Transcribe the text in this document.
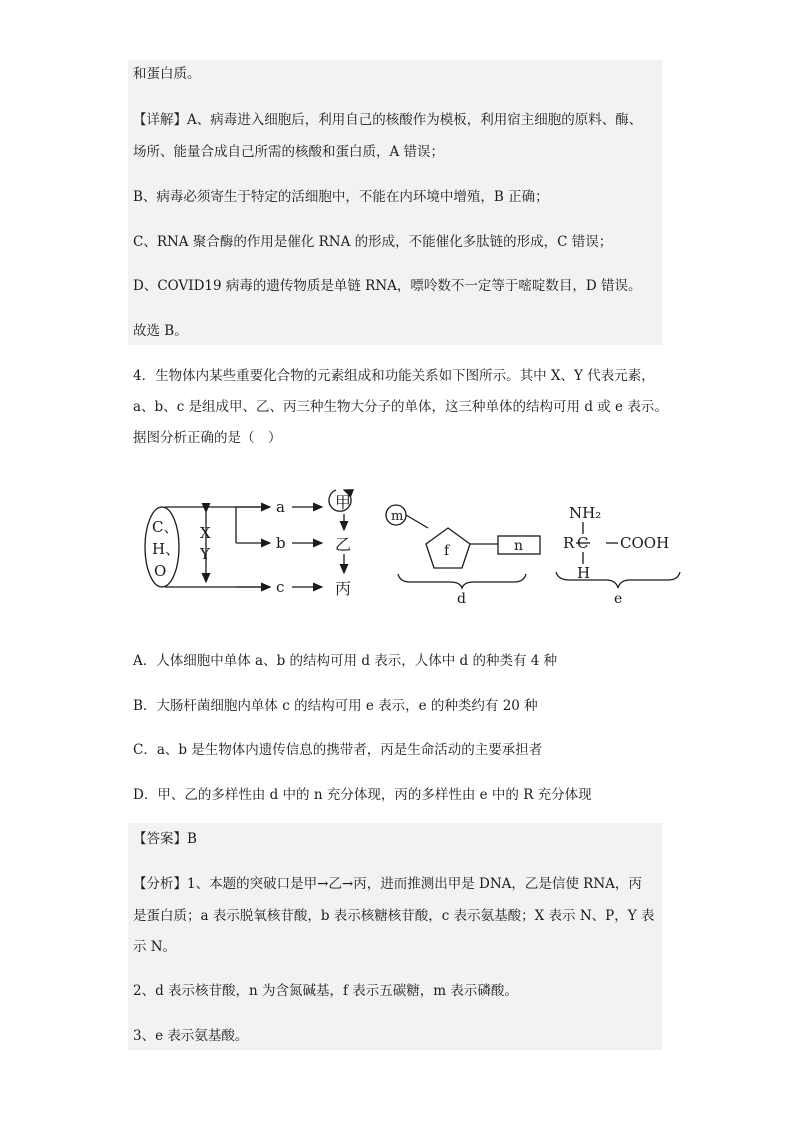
和蛋白质。
【详解】A、病毒进入细胞后，利用自己的核酸作为模板，利用宿主细胞的原料、酶、
场所、能量合成自己所需的核酸和蛋白质，A 错误；
B、病毒必须寄生于特定的活细胞中，不能在内环境中增殖，B 正确；
C、RNA 聚合酶的作用是催化 RNA 的形成，不能催化多肽链的形成，C 错误；
D、COVID19 病毒的遗传物质是单链 RNA，嘌呤数不一定等于嘧啶数目，D 错误。
故选 B。
4．生物体内某些重要化合物的元素组成和功能关系如下图所示。其中 X、Y 代表元素，
a、b、c 是组成甲、乙、丙三种生物大分子的单体，这三种单体的结构可用 d 或 e 表示。
据图分析正确的是（　）
C、
H、
O
X
Y
a
b
c
甲
乙
丙
m
f	n
d
NH₂
R C COOH
H
e
A．人体细胞中单体 a、b 的结构可用 d 表示，人体中 d 的种类有 4 种
B．大肠杆菌细胞内单体 c 的结构可用 e 表示，e 的种类约有 20 种
C．a、b 是生物体内遗传信息的携带者，丙是生命活动的主要承担者
D．甲、乙的多样性由 d 中的 n 充分体现，丙的多样性由 e 中的 R 充分体现
【答案】B
【分析】1、本题的突破口是甲→乙→丙，进而推测出甲是 DNA，乙是信使 RNA，丙
是蛋白质；a 表示脱氧核苷酸，b 表示核糖核苷酸，c 表示氨基酸；X 表示 N、P，Y 表
示 N。
2、d 表示核苷酸，n 为含氮碱基，f 表示五碳糖，m 表示磷酸。
3、e 表示氨基酸。
